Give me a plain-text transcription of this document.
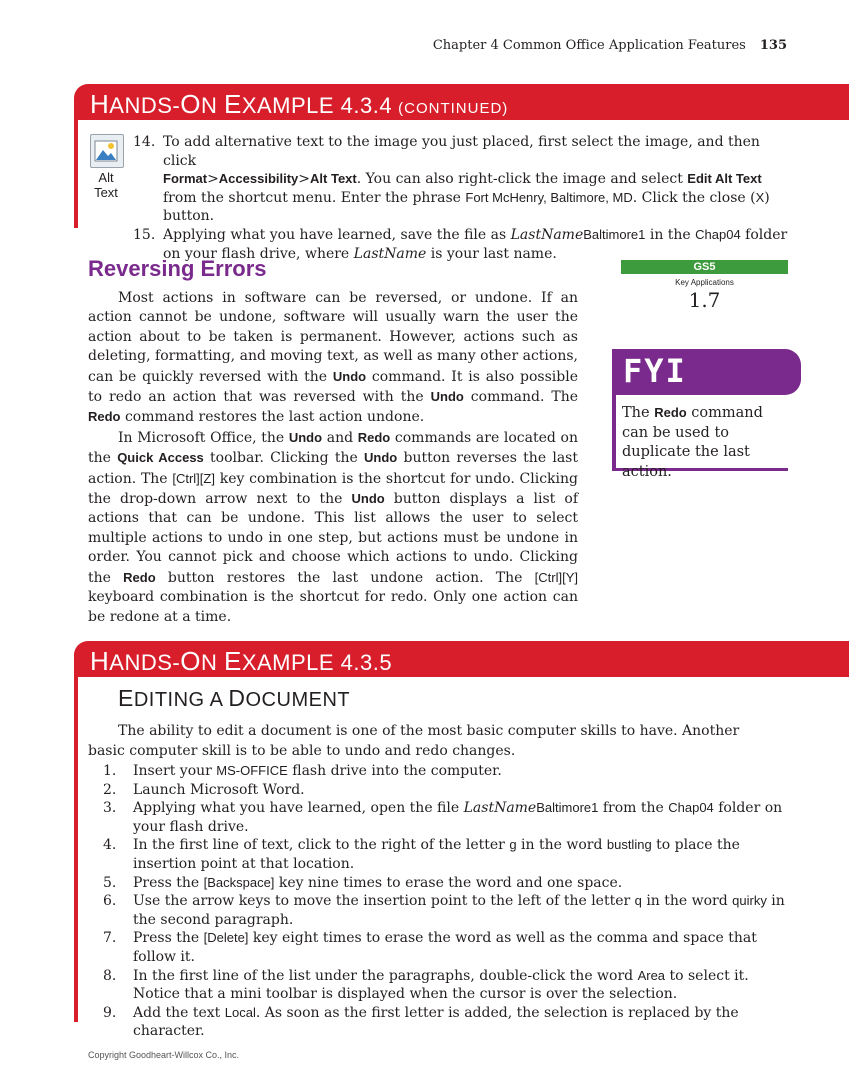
Chapter 4 Common Office Application Features 135
HANDS-ON EXAMPLE 4.3.4 (CONTINUED)
Alt
Text
14. To add alternative text to the image you just placed, first select the image, and then click
Format>Accessibility>Alt Text. You can also right-click the image and select Edit Alt Text from the shortcut menu. Enter the phrase Fort McHenry, Baltimore, MD. Click the close (X) button.
15. Applying what you have learned, save the file as LastNameBaltimore1 in the Chap04 folder on your flash drive, where LastName is your last name.
Reversing Errors

Most actions in software can be reversed, or undone. If an action cannot be undone, software will usually warn the user the action about to be taken is permanent. However, actions such as deleting, formatting, and moving text, as well as many other actions, can be quickly reversed with the Undo command. It is also possible to redo an action that was reversed with the Undo command. The Redo command restores the last action undone.

In Microsoft Office, the Undo and Redo commands are located on the Quick Access toolbar. Clicking the Undo button reverses the last action. The [Ctrl][Z] key combination is the shortcut for undo. Clicking the drop-down arrow next to the Undo button displays a list of actions that can be undone. This list allows the user to select multiple actions to undo in one step, but actions must be undone in order. You cannot pick and choose which actions to undo. Clicking the Redo button restores the last undone action. The [Ctrl][Y] keyboard combination is the shortcut for redo. Only one action can be redone at a time.

GS5
Key Applications
1.7
FYI
The Redo command can be used to duplicate the last action.
HANDS-ON EXAMPLE 4.3.5
EDITING A DOCUMENT

The ability to edit a document is one of the most basic computer skills to have. Another basic computer skill is to be able to undo and redo changes.

1. Insert your MS-OFFICE flash drive into the computer.
2. Launch Microsoft Word.
3. Applying what you have learned, open the file LastNameBaltimore1 from the Chap04 folder on your flash drive.
4. In the first line of text, click to the right of the letter g in the word bustling to place the insertion point at that location.
5. Press the [Backspace] key nine times to erase the word and one space.
6. Use the arrow keys to move the insertion point to the left of the letter q in the word quirky in the second paragraph.
7. Press the [Delete] key eight times to erase the word as well as the comma and space that follow it.
8. In the first line of the list under the paragraphs, double-click the word Area to select it. Notice that a mini toolbar is displayed when the cursor is over the selection.
9. Add the text Local. As soon as the first letter is added, the selection is replaced by the character.
Copyright Goodheart-Willcox Co., Inc.
